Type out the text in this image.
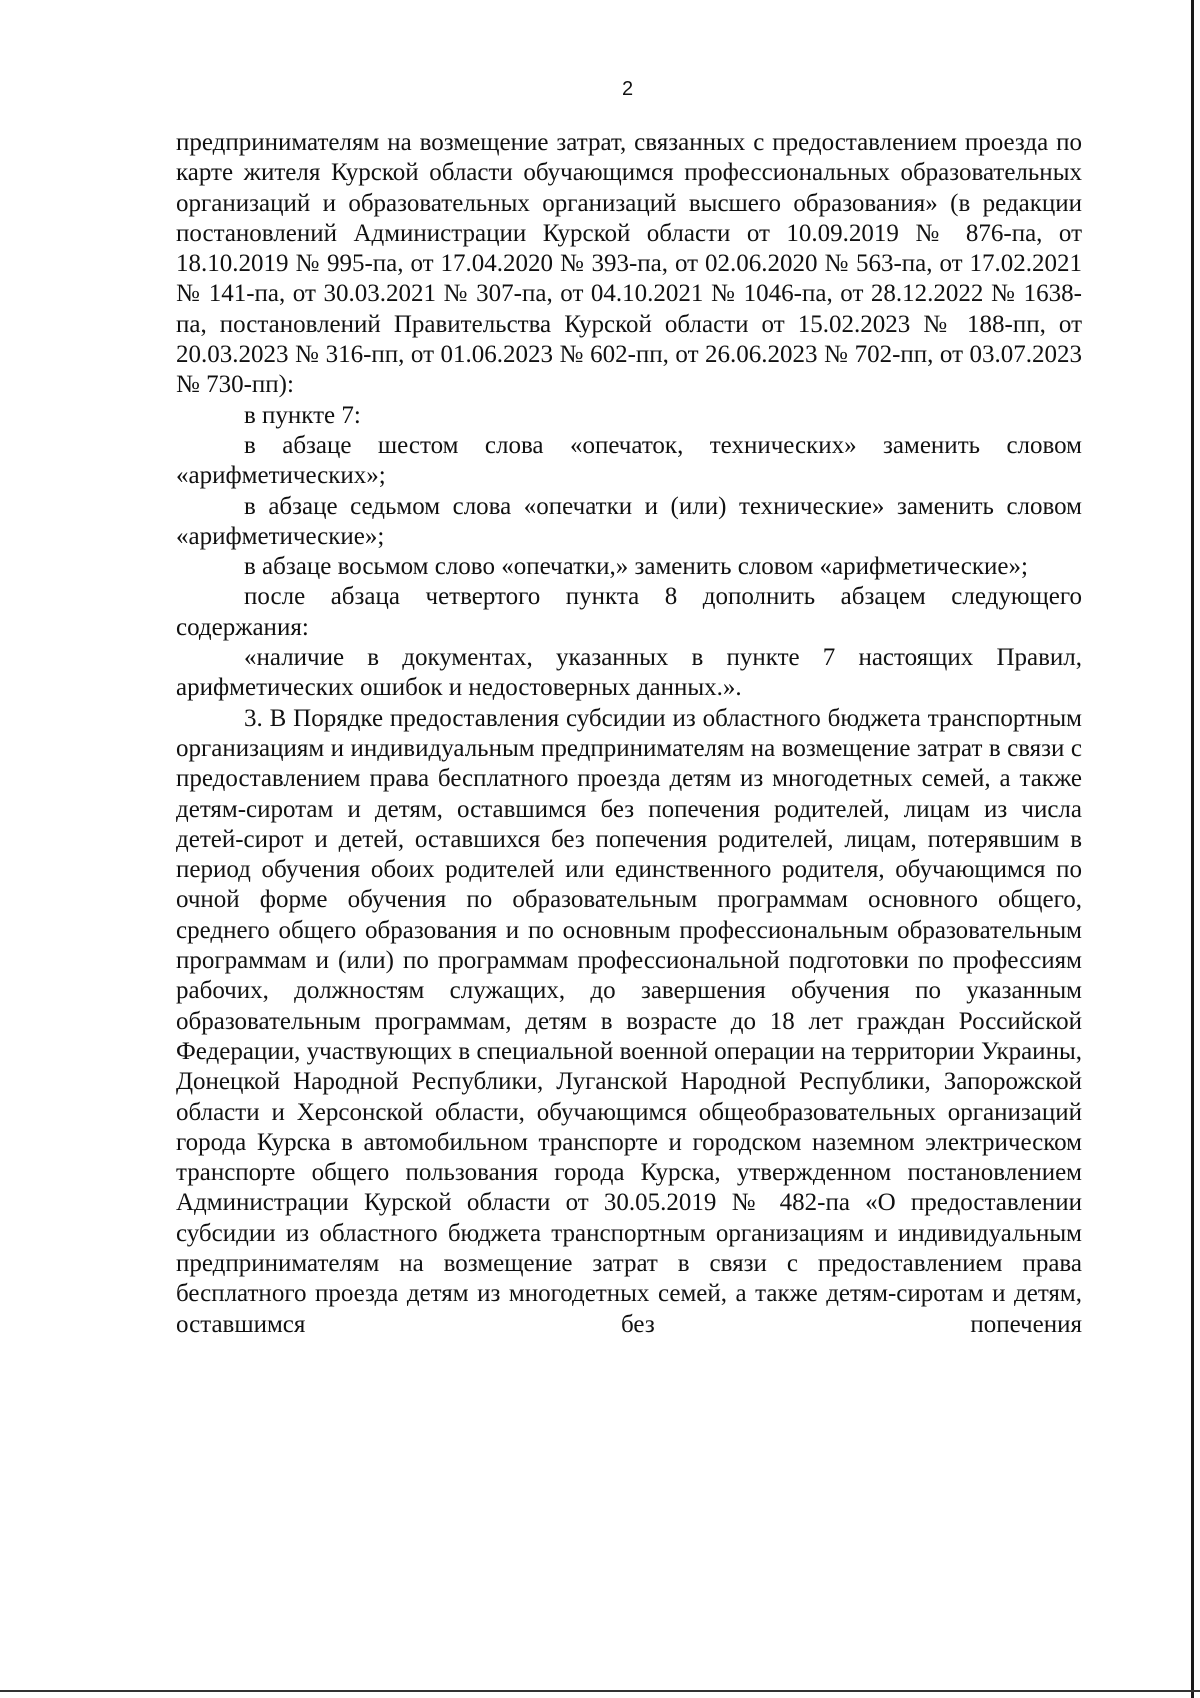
2

предпринимателям на возмещение затрат, связанных с предоставлением проезда по карте жителя Курской области обучающимся профессиональных образовательных организаций и образовательных организаций высшего образования» (в редакции постановлений Администрации Курской области от 10.09.2019 № 876-па, от 18.10.2019 № 995-па, от 17.04.2020 № 393-па, от 02.06.2020 № 563-па, от 17.02.2021 № 141-па, от 30.03.2021 № 307-па, от 04.10.2021 № 1046-па, от 28.12.2022 № 1638-па, постановлений Правительства Курской области от 15.02.2023 № 188-пп, от 20.03.2023 № 316-пп, от 01.06.2023 № 602-пп, от 26.06.2023 № 702-пп, от 03.07.2023 № 730-пп):

в пункте 7:

в абзаце шестом слова «опечаток, технических» заменить словом «арифметических»;

в абзаце седьмом слова «опечатки и (или) технические» заменить словом «арифметические»;

в абзаце восьмом слово «опечатки,» заменить словом «арифметические»;

после абзаца четвертого пункта 8 дополнить абзацем следующего содержания:

«наличие в документах, указанных в пункте 7 настоящих Правил, арифметических ошибок и недостоверных данных.».

3. В Порядке предоставления субсидии из областного бюджета транспортным организациям и индивидуальным предпринимателям на возмещение затрат в связи с предоставлением права бесплатного проезда детям из многодетных семей, а также детям-сиротам и детям, оставшимся без попечения родителей, лицам из числа детей-сирот и детей, оставшихся без попечения родителей, лицам, потерявшим в период обучения обоих родителей или единственного родителя, обучающимся по очной форме обучения по образовательным программам основного общего, среднего общего образования и по основным профессиональным образовательным программам и (или) по программам профессиональной подготовки по профессиям рабочих, должностям служащих, до завершения обучения по указанным образовательным программам, детям в возрасте до 18 лет граждан Российской Федерации, участвующих в специальной военной операции на территории Украины, Донецкой Народной Республики, Луганской Народной Республики, Запорожской области и Херсонской области, обучающимся общеобразовательных организаций города Курска в автомобильном транспорте и городском наземном электрическом транспорте общего пользования города Курска, утвержденном постановлением Администрации Курской области от 30.05.2019 № 482-па «О предоставлении субсидии из областного бюджета транспортным организациям и индивидуальным предпринимателям на возмещение затрат в связи с предоставлением права бесплатного проезда детям из многодетных семей, а также детям-сиротам и детям, оставшимся без попечения
